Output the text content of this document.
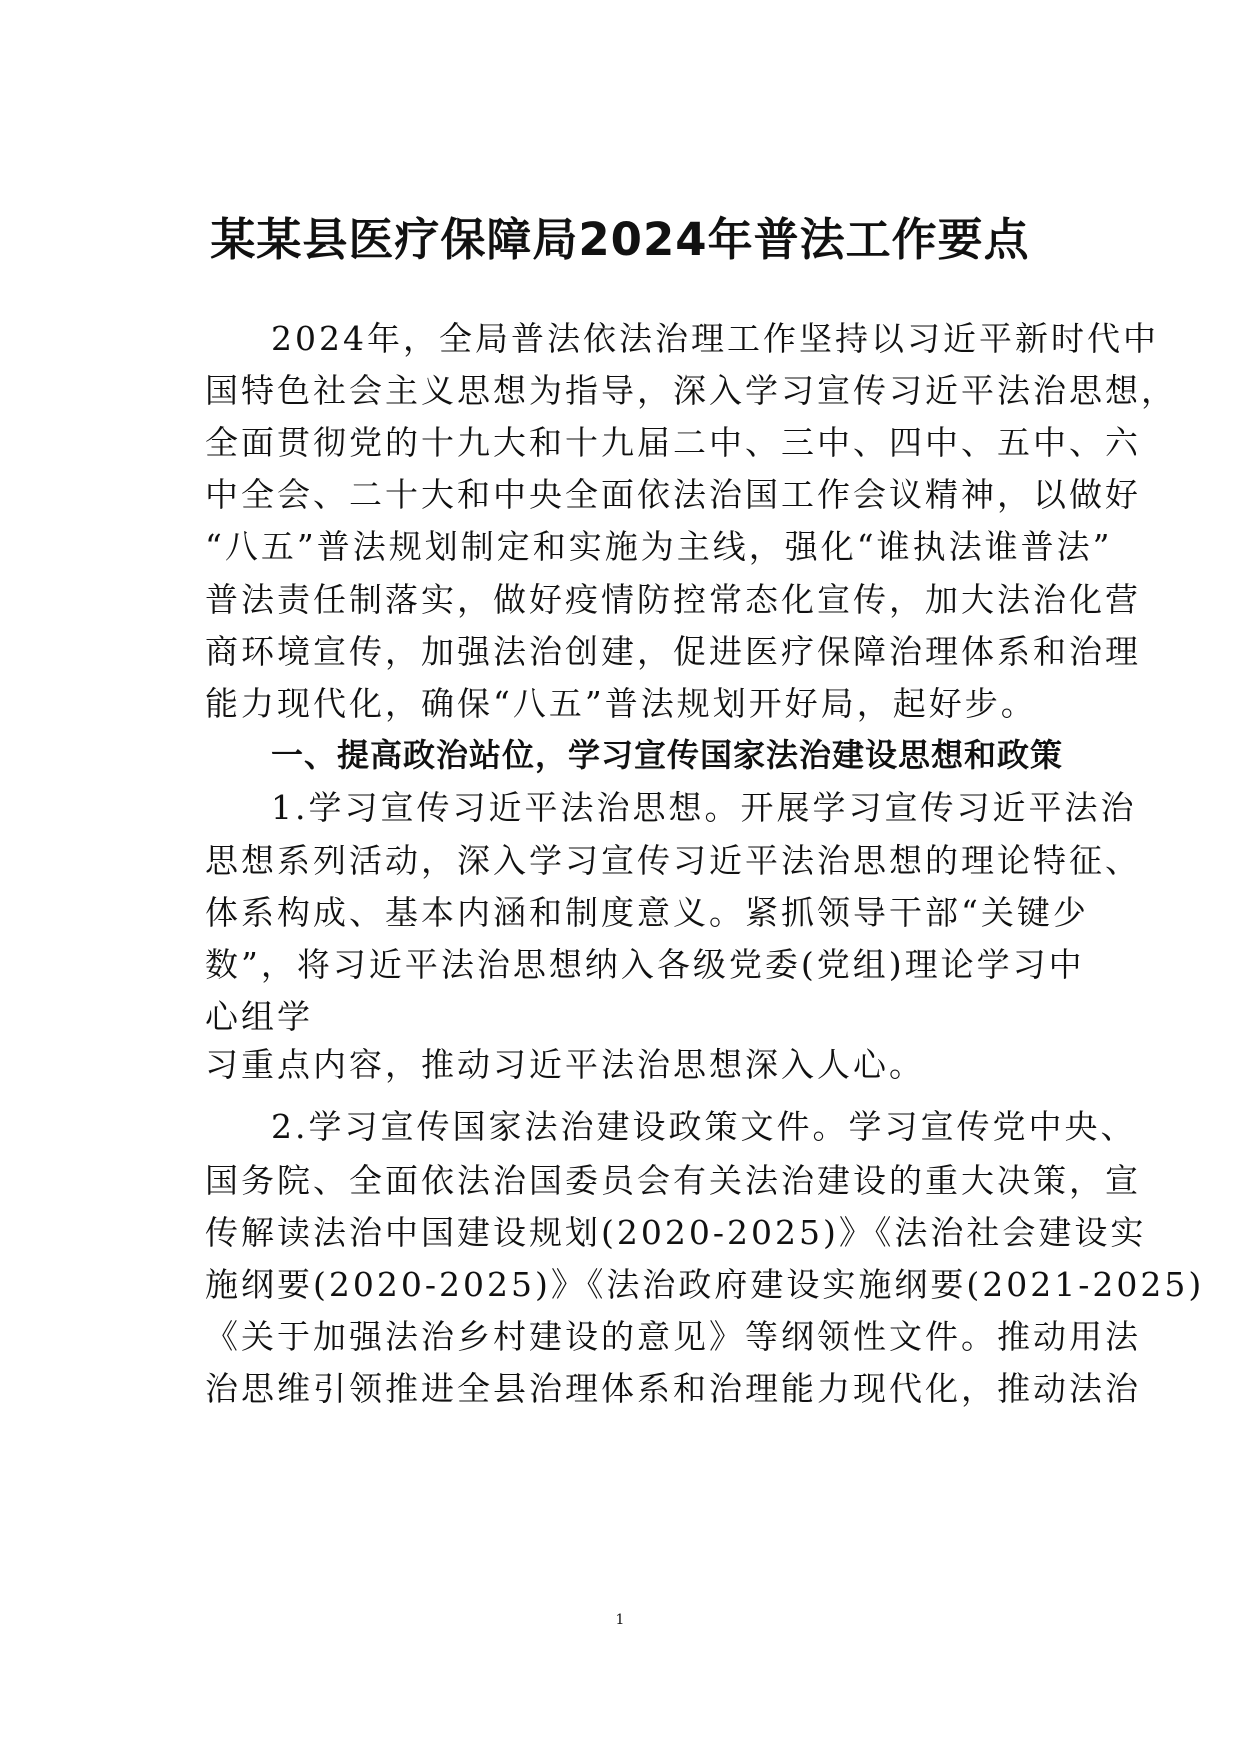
某某县医疗保障局2024年普法工作要点

2024年，全局普法依法治理工作坚持以习近平新时代中

国特色社会主义思想为指导，深入学习宣传习近平法治思想，

全面贯彻党的十九大和十九届二中、三中、四中、五中、六

中全会、二十大和中央全面依法治国工作会议精神，以做好

“八五”普法规划制定和实施为主线，强化“谁执法谁普法”

普法责任制落实，做好疫情防控常态化宣传，加大法治化营

商环境宣传，加强法治创建，促进医疗保障治理体系和治理

能力现代化，确保“八五”普法规划开好局，起好步。

一、提高政治站位，学习宣传国家法治建设思想和政策

1.学习宣传习近平法治思想。开展学习宣传习近平法治

思想系列活动，深入学习宣传习近平法治思想的理论特征、

体系构成、基本内涵和制度意义。紧抓领导干部“关键少

数”，将习近平法治思想纳入各级党委(党组)理论学习中

心组学

习重点内容，推动习近平法治思想深入人心。

2.学习宣传国家法治建设政策文件。学习宣传党中央、

国务院、全面依法治国委员会有关法治建设的重大决策，宣

传解读法治中国建设规划(2020-2025)》《法治社会建设实

施纲要(2020-2025)》《法治政府建设实施纲要(2021-2025)

《关于加强法治乡村建设的意见》等纲领性文件。推动用法

治思维引领推进全县治理体系和治理能力现代化，推动法治

1
